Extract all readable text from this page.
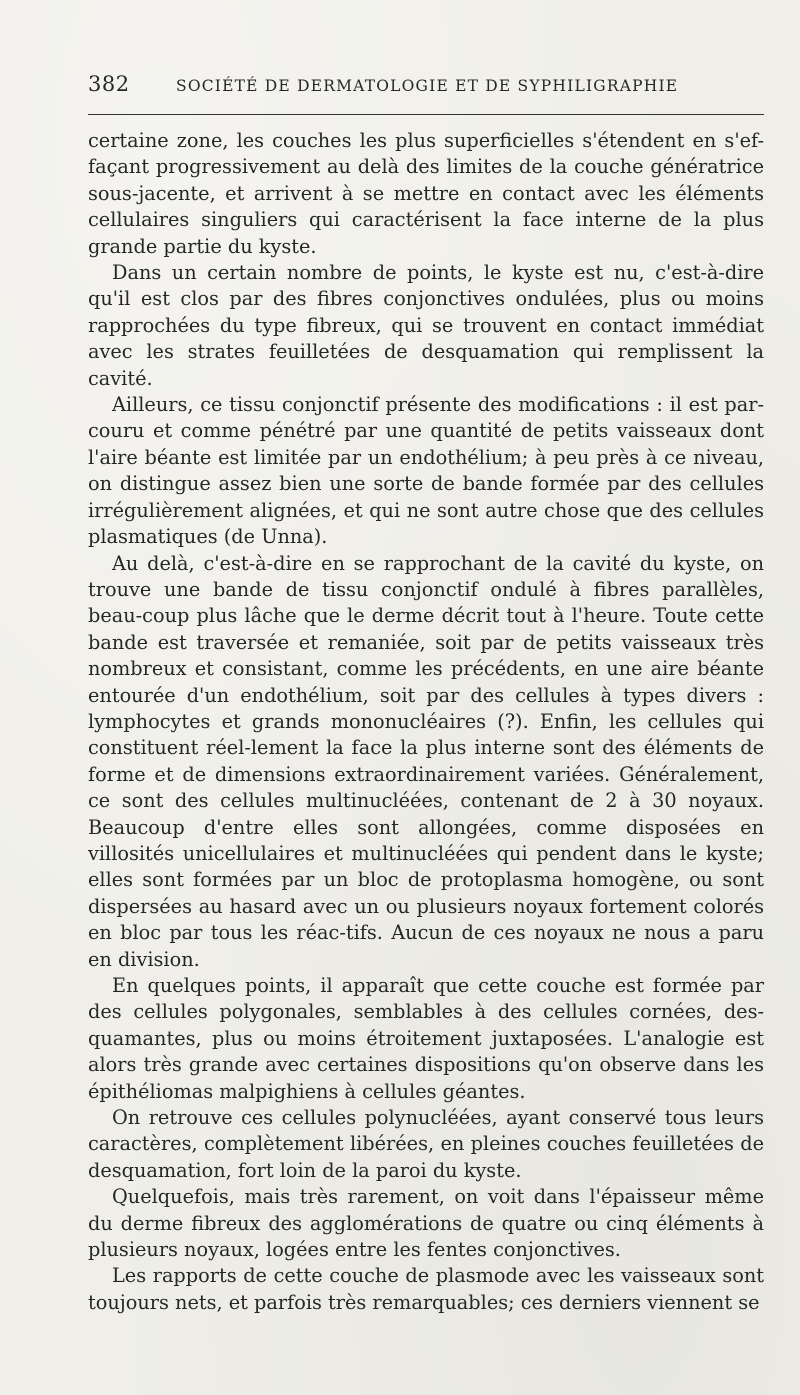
382	SOCIÉTÉ DE DERMATOLOGIE ET DE SYPHILIGRAPHIE

certaine zone, les couches les plus superficielles s'étendent en s'ef-façant progressivement au delà des limites de la couche génératrice sous-jacente, et arrivent à se mettre en contact avec les éléments cellulaires singuliers qui caractérisent la face interne de la plus grande partie du kyste.

Dans un certain nombre de points, le kyste est nu, c'est-à-dire qu'il est clos par des fibres conjonctives ondulées, plus ou moins rapprochées du type fibreux, qui se trouvent en contact immédiat avec les strates feuilletées de desquamation qui remplissent la cavité.

Ailleurs, ce tissu conjonctif présente des modifications : il est par-couru et comme pénétré par une quantité de petits vaisseaux dont l'aire béante est limitée par un endothélium; à peu près à ce niveau, on distingue assez bien une sorte de bande formée par des cellules irrégulièrement alignées, et qui ne sont autre chose que des cellules plasmatiques (de Unna).

Au delà, c'est-à-dire en se rapprochant de la cavité du kyste, on trouve une bande de tissu conjonctif ondulé à fibres parallèles, beau-coup plus lâche que le derme décrit tout à l'heure. Toute cette bande est traversée et remaniée, soit par de petits vaisseaux très nombreux et consistant, comme les précédents, en une aire béante entourée d'un endothélium, soit par des cellules à types divers : lymphocytes et grands mononucléaires (?). Enfin, les cellules qui constituent réel-lement la face la plus interne sont des éléments de forme et de dimensions extraordinairement variées. Généralement, ce sont des cellules multinucléées, contenant de 2 à 30 noyaux. Beaucoup d'entre elles sont allongées, comme disposées en villosités unicellulaires et multinucléées qui pendent dans le kyste; elles sont formées par un bloc de protoplasma homogène, ou sont dispersées au hasard avec un ou plusieurs noyaux fortement colorés en bloc par tous les réac-tifs. Aucun de ces noyaux ne nous a paru en division.

En quelques points, il apparaît que cette couche est formée par des cellules polygonales, semblables à des cellules cornées, des-quamantes, plus ou moins étroitement juxtaposées. L'analogie est alors très grande avec certaines dispositions qu'on observe dans les épithéliomas malpighiens à cellules géantes.

On retrouve ces cellules polynucléées, ayant conservé tous leurs caractères, complètement libérées, en pleines couches feuilletées de desquamation, fort loin de la paroi du kyste.

Quelquefois, mais très rarement, on voit dans l'épaisseur même du derme fibreux des agglomérations de quatre ou cinq éléments à plusieurs noyaux, logées entre les fentes conjonctives.

Les rapports de cette couche de plasmode avec les vaisseaux sont toujours nets, et parfois très remarquables; ces derniers viennent se
